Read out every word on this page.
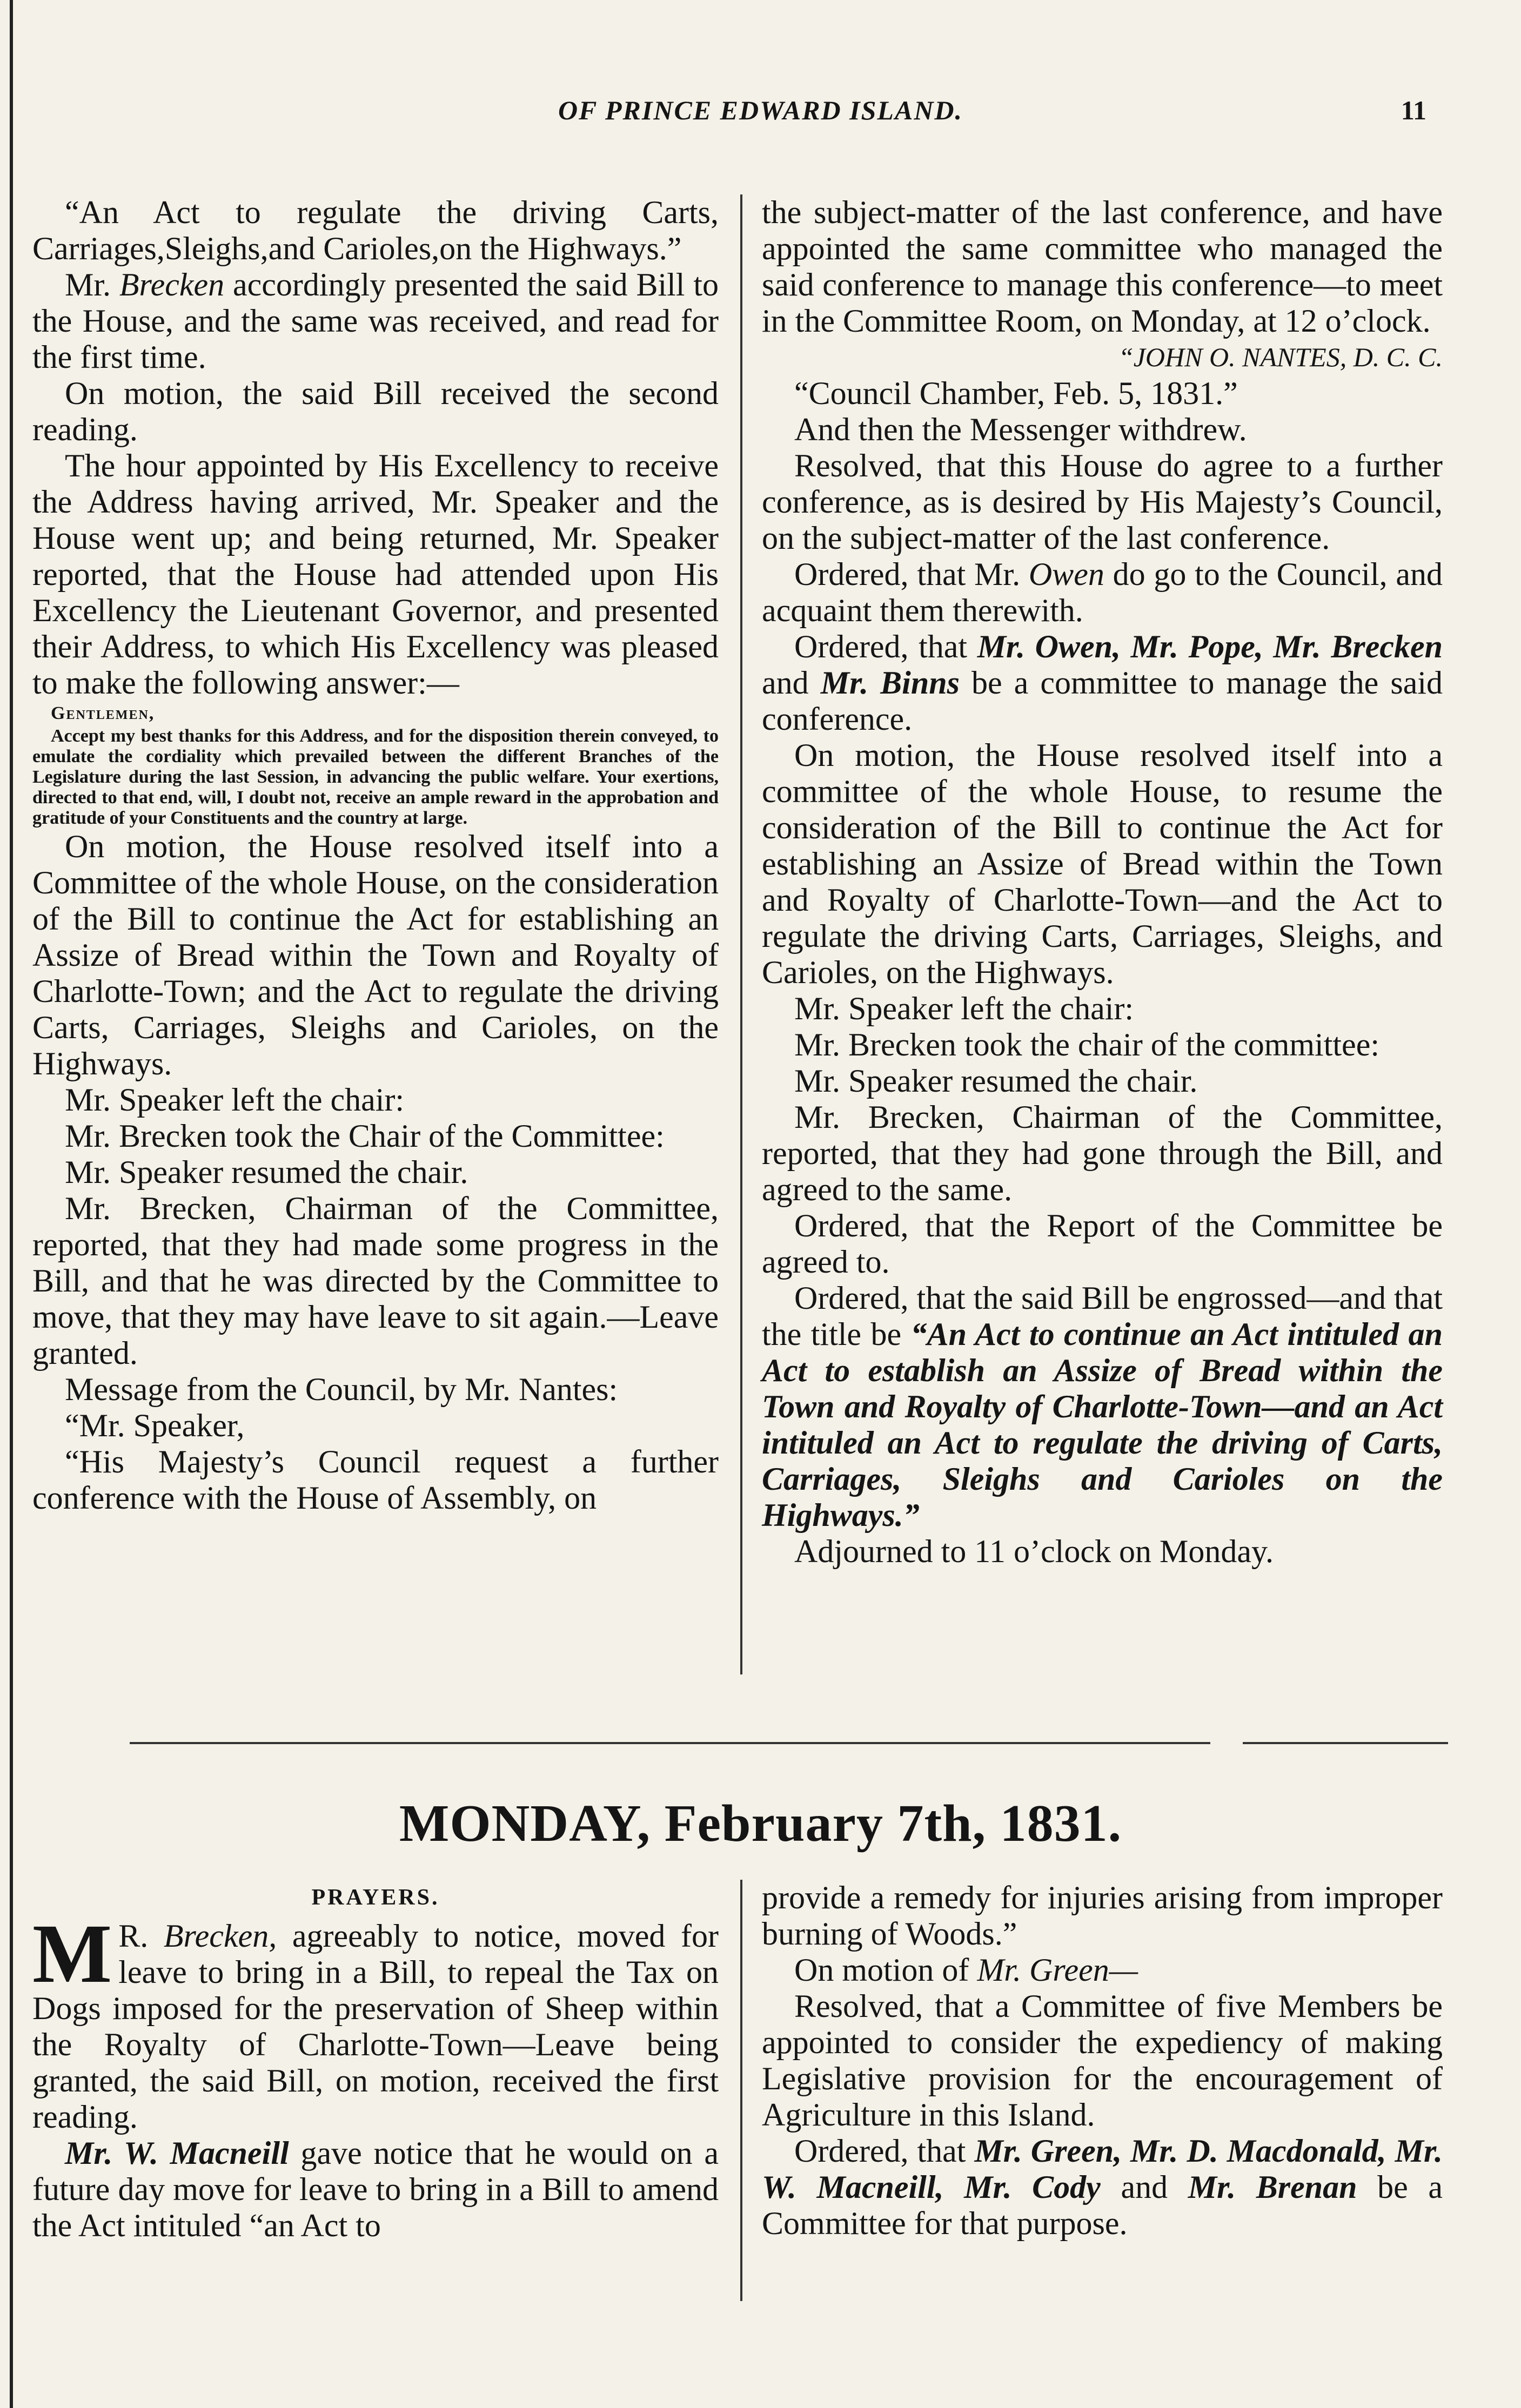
OF PRINCE EDWARD ISLAND.	11

“An Act to regulate the driving Carts, Carriages,Sleighs,and Carioles,on the Highways.”

Mr. Brecken accordingly presented the said Bill to the House, and the same was received, and read for the first time.

On motion, the said Bill received the second reading.

The hour appointed by His Excellency to receive the Address having arrived, Mr. Speaker and the House went up; and being returned, Mr. Speaker reported, that the House had attended upon His Excellency the Lieutenant Governor, and presented their Address, to which His Excellency was pleased to make the following answer:—

Gentlemen,

Accept my best thanks for this Address, and for the disposition therein conveyed, to emulate the cordiality which prevailed between the different Branches of the Legislature during the last Session, in advancing the public welfare. Your exertions, directed to that end, will, I doubt not, receive an ample reward in the approbation and gratitude of your Constituents and the country at large.

On motion, the House resolved itself into a Committee of the whole House, on the consideration of the Bill to continue the Act for establishing an Assize of Bread within the Town and Royalty of Charlotte-Town; and the Act to regulate the driving Carts, Carriages, Sleighs and Carioles, on the Highways.

Mr. Speaker left the chair:

Mr. Brecken took the Chair of the Committee:

Mr. Speaker resumed the chair.

Mr. Brecken, Chairman of the Committee, reported, that they had made some progress in the Bill, and that he was directed by the Committee to move, that they may have leave to sit again.—Leave granted.

Message from the Council, by Mr. Nantes:

“Mr. Speaker,

“His Majesty’s Council request a further conference with the House of Assembly, on

the subject-matter of the last conference, and have appointed the same committee who managed the said conference to manage this conference—to meet in the Committee Room, on Monday, at 12 o’clock.

“JOHN O. NANTES, D. C. C.

“Council Chamber, Feb. 5, 1831.”

And then the Messenger withdrew.

Resolved, that this House do agree to a further conference, as is desired by His Majesty’s Council, on the subject-matter of the last conference.

Ordered, that Mr. Owen do go to the Council, and acquaint them therewith.

Ordered, that Mr. Owen, Mr. Pope, Mr. Brecken and Mr. Binns be a committee to manage the said conference.

On motion, the House resolved itself into a committee of the whole House, to resume the consideration of the Bill to continue the Act for establishing an Assize of Bread within the Town and Royalty of Charlotte-Town—and the Act to regulate the driving Carts, Carriages, Sleighs, and Carioles, on the Highways.

Mr. Speaker left the chair:

Mr. Brecken took the chair of the committee:

Mr. Speaker resumed the chair.

Mr. Brecken, Chairman of the Committee, reported, that they had gone through the Bill, and agreed to the same.

Ordered, that the Report of the Committee be agreed to.

Ordered, that the said Bill be engrossed—and that the title be “An Act to continue an Act intituled an Act to establish an Assize of Bread within the Town and Royalty of Charlotte-Town—and an Act intituled an Act to regulate the driving of Carts, Carriages, Sleighs and Carioles on the Highways.”

Adjourned to 11 o’clock on Monday.

MONDAY, February 7th, 1831.

PRAYERS.

M R. Brecken, agreeably to notice, moved for leave to bring in a Bill, to repeal the Tax on Dogs imposed for the preservation of Sheep within the Royalty of Charlotte-Town—Leave being granted, the said Bill, on motion, received the first reading.

Mr. W. Macneill gave notice that he would on a future day move for leave to bring in a Bill to amend the Act intituled “an Act to

provide a remedy for injuries arising from improper burning of Woods.”

On motion of Mr. Green—

Resolved, that a Committee of five Members be appointed to consider the expediency of making Legislative provision for the encouragement of Agriculture in this Island.

Ordered, that Mr. Green, Mr. D. Macdonald, Mr. W. Macneill, Mr. Cody and Mr. Brenan be a Committee for that purpose.
